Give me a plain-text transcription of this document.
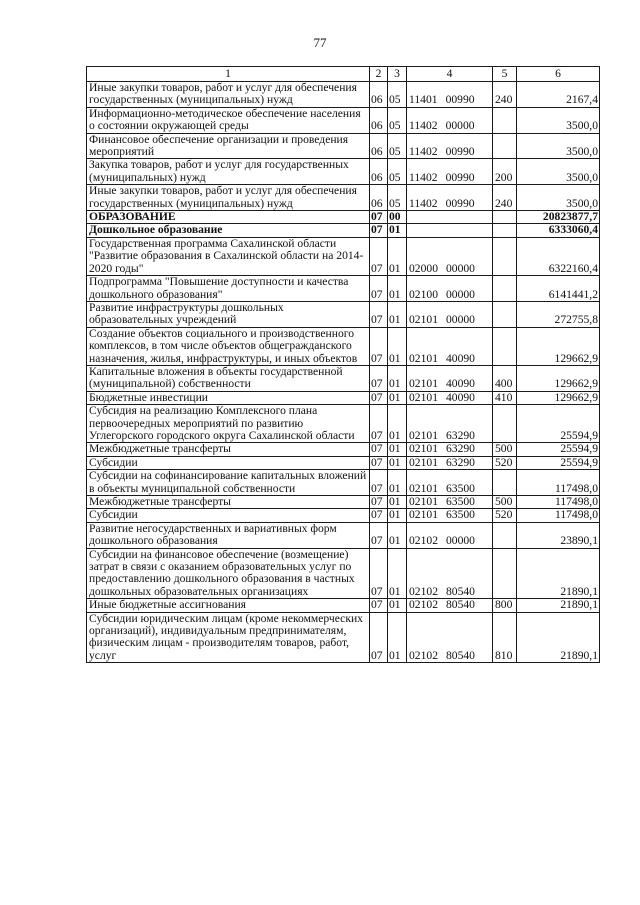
77
1	2	3	4	5	6
Иные закупки товаров, работ и услуг для обеспечения государственных (муниципальных) нужд	06	05	11401 00990	240	2167,4
Информационно-методическое обеспечение населения о состоянии окружающей среды	06	05	11402 00000		3500,0
Финансовое обеспечение организации и проведения мероприятий	06	05	11402 00990		3500,0
Закупка товаров, работ и услуг для государственных (муниципальных) нужд	06	05	11402 00990	200	3500,0
Иные закупки товаров, работ и услуг для обеспечения государственных (муниципальных) нужд	06	05	11402 00990	240	3500,0
ОБРАЗОВАНИЕ	07	00			20823877,7
Дошкольное образование	07	01			6333060,4
Государственная программа Сахалинской области "Развитие образования в Сахалинской области на 2014-2020 годы"	07	01	02000 00000		6322160,4
Подпрограмма "Повышение доступности и качества дошкольного образования"	07	01	02100 00000		6141441,2
Развитие инфраструктуры дошкольных образовательных учреждений	07	01	02101 00000		272755,8
Создание объектов социального и производственного комплексов, в том числе объектов общегражданского назначения, жилья, инфраструктуры, и иных объектов	07	01	02101 40090		129662,9
Капитальные вложения в объекты государственной (муниципальной) собственности	07	01	02101 40090	400	129662,9
Бюджетные инвестиции	07	01	02101 40090	410	129662,9
Субсидия на реализацию Комплексного плана первоочередных мероприятий по развитию Углегорского городского округа Сахалинской области	07	01	02101 63290		25594,9
Межбюджетные трансферты	07	01	02101 63290	500	25594,9
Субсидии	07	01	02101 63290	520	25594,9
Субсидии на софинансирование капитальных вложений в объекты муниципальной собственности	07	01	02101 63500		117498,0
Межбюджетные трансферты	07	01	02101 63500	500	117498,0
Субсидии	07	01	02101 63500	520	117498,0
Развитие негосударственных и вариативных форм дошкольного образования	07	01	02102 00000		23890,1
Субсидии на финансовое обеспечение (возмещение) затрат в связи с оказанием образовательных услуг по предоставлению дошкольного образования в частных дошкольных образовательных организациях	07	01	02102 80540		21890,1
Иные бюджетные ассигнования	07	01	02102 80540	800	21890,1
Субсидии юридическим лицам (кроме некоммерческих организаций), индивидуальным предпринимателям, физическим лицам - производителям товаров, работ, услуг	07	01	02102 80540	810	21890,1
